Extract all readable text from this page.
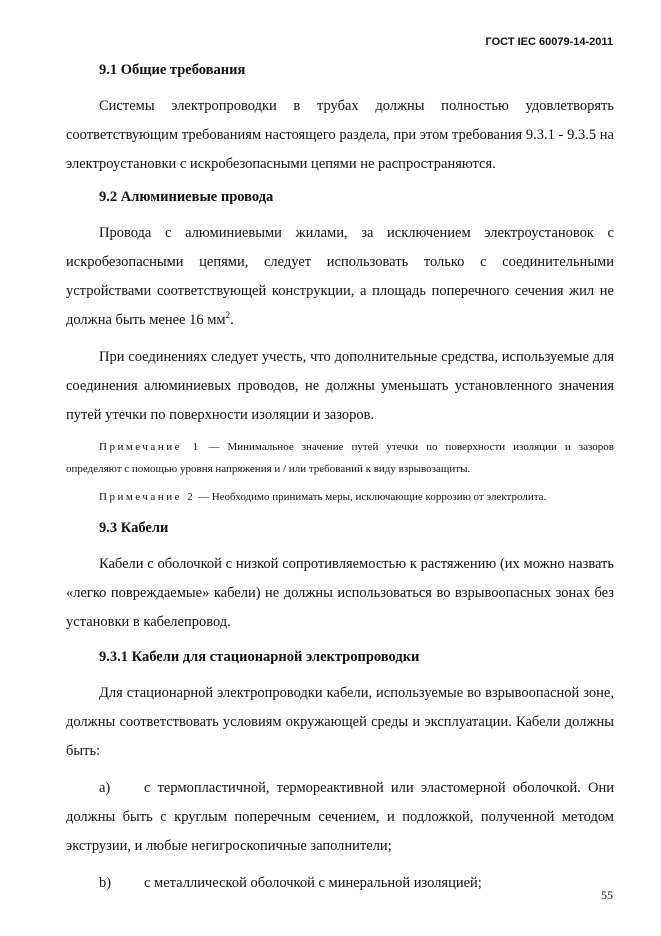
ГОСТ IEC 60079-14-2011
9.1 Общие требования

Системы электропроводки в трубах должны полностью удовлетворять соответствующим требованиям настоящего раздела, при этом требования 9.3.1 - 9.3.5 на электроустановки с искробезопасными цепями не распространяются.

9.2 Алюминиевые провода

Провода с алюминиевыми жилами, за исключением электроустановок с искробезопасными цепями, следует использовать только с соединительными устройствами соответствующей конструкции, а площадь поперечного сечения жил не должна быть менее 16 $мм^2$.

При соединениях следует учесть, что дополнительные средства, используемые для соединения алюминиевых проводов, не должны уменьшать установленного значения путей утечки по поверхности изоляции и зазоров.

Примечание 1 — Минимальное значение путей утечки по поверхности изоляции и зазоров определяют с помощью уровня напряжения и / или требований к виду взрывозащиты.

Примечание 2 — Необходимо принимать меры, исключающие коррозию от электролита.

9.3 Кабели

Кабели с оболочкой с низкой сопротивляемостью к растяжению (их можно назвать «легко повреждаемые» кабели) не должны использоваться во взрывоопасных зонах без установки в кабелепровод.

9.3.1 Кабели для стационарной электропроводки

Для стационарной электропроводки кабели, используемые во взрывоопасной зоне, должны соответствовать условиям окружающей среды и эксплуатации. Кабели должны быть:

a) с термопластичной, термореактивной или эластомерной оболочкой. Они должны быть с круглым поперечным сечением, и подложкой, полученной методом экструзии, и любые негигроскопичные заполнители;

b) с металлической оболочкой с минеральной изоляцией;

55
